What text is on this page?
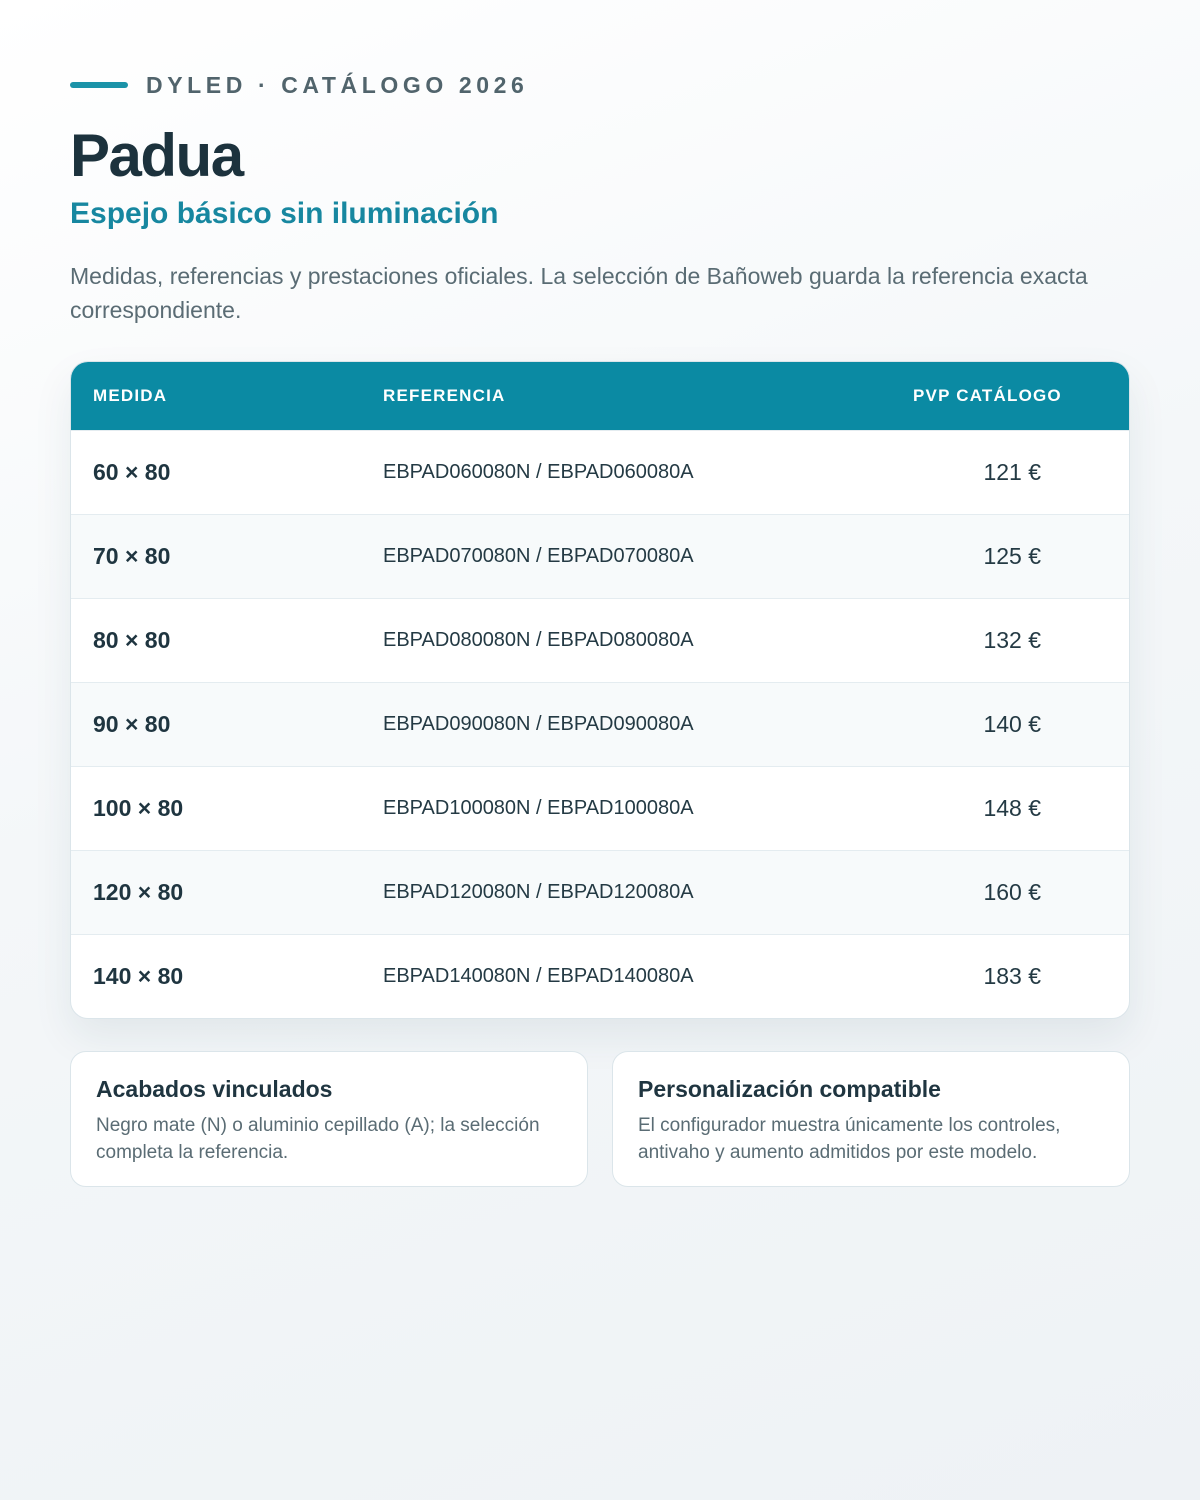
DYLED · CATÁLOGO 2026
Padua
Espejo básico sin iluminación

Medidas, referencias y prestaciones oficiales. La selección de Bañoweb guarda la referencia exacta correspondiente.

MEDIDA	REFERENCIA	PVP CATÁLOGO
60 × 80	EBPAD060080N / EBPAD060080A	121 €
70 × 80	EBPAD070080N / EBPAD070080A	125 €
80 × 80	EBPAD080080N / EBPAD080080A	132 €
90 × 80	EBPAD090080N / EBPAD090080A	140 €
100 × 80	EBPAD100080N / EBPAD100080A	148 €
120 × 80	EBPAD120080N / EBPAD120080A	160 €
140 × 80	EBPAD140080N / EBPAD140080A	183 €
Acabados vinculados

Negro mate (N) o aluminio cepillado (A); la selección completa la referencia.

Personalización compatible

El configurador muestra únicamente los controles, antivaho y aumento admitidos por este modelo.
